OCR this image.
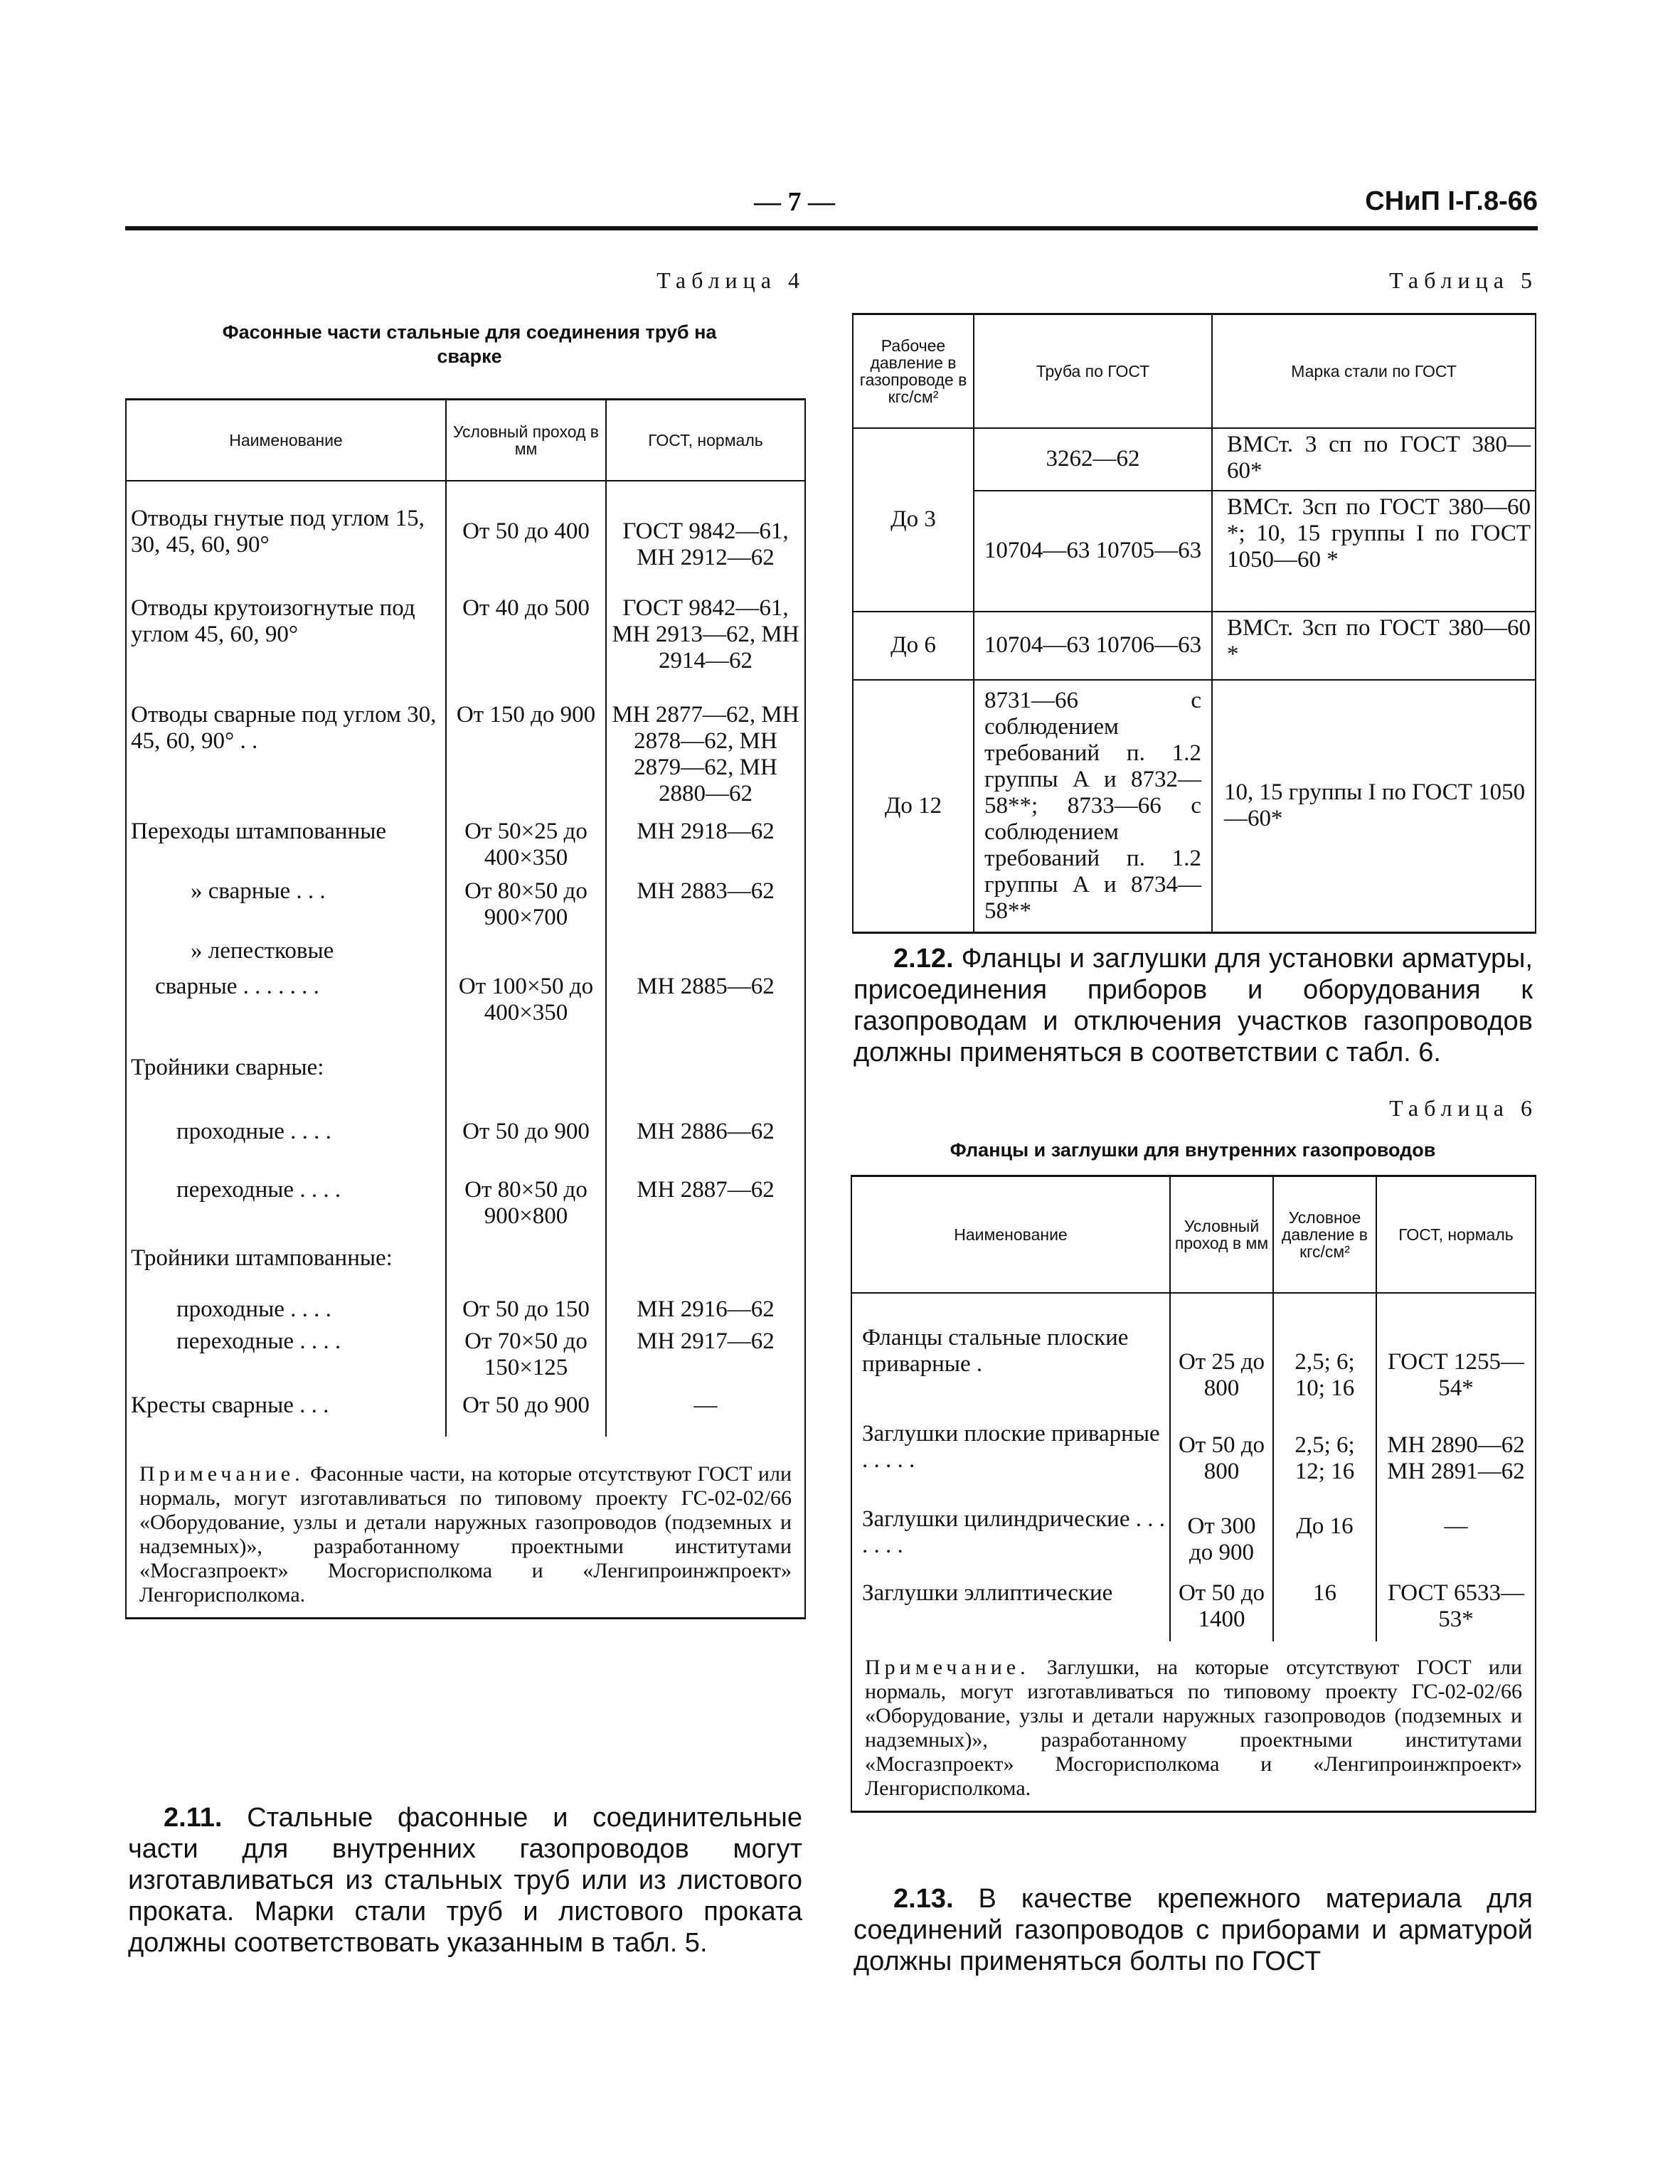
— 7 —	СНиП I-Г.8-66
Таблица 4
Фасонные части стальные для соединения труб на сварке
Наименование	Условный проход в мм	ГОСТ, нормаль
Отводы гнутые под углом 15, 30, 45, 60, 90°	От 50 до 400	ГОСТ 9842—61, МН 2912—62
Отводы крутоизогнутые под углом 45, 60, 90°	От 40 до 500	ГОСТ 9842—61, МН 2913—62, МН 2914—62
Отводы сварные под углом 30, 45, 60, 90° . .	От 150 до 900	МН 2877—62, МН 2878—62, МН 2879—62, МН 2880—62
Переходы штампованные	От 50×25 до 400×350	МН 2918—62
» сварные . . .	От 80×50 до 900×700	МН 2883—62
» лепестковые		
сварные . . . . . . .	От 100×50 до 400×350	МН 2885—62
Тройники сварные:		
проходные . . . .	От 50 до 900	МН 2886—62
переходные . . . .	От 80×50 до 900×800	МН 2887—62
Тройники штампованные:		
проходные . . . .	От 50 до 150	МН 2916—62
переходные . . . .	От 70×50 до 150×125	МН 2917—62
Кресты сварные . . .	От 50 до 900	—
Примечание. Фасонные части, на которые отсутствуют ГОСТ или нормаль, могут изготавливаться по типовому проекту ГС-02-02/66 «Оборудование, узлы и детали наружных газопроводов (подземных и надземных)», разработанному проектными институтами «Мосгазпроект» Мосгорисполкома и «Ленгипроинжпроект» Ленгорисполкома.		
2.11. Стальные фасонные и соединительные части для внутренних газопроводов могут изготавливаться из стальных труб или из листового проката. Марки стали труб и листового проката должны соответствовать указанным в табл. 5.
Таблица 5
Рабочее давление в газопроводе в кгс/см²	Труба по ГОСТ	Марка стали по ГОСТ
До 3	3262—62	ВМСт. 3 сп по ГОСТ 380—60*
	10704—63 10705—63	ВМСт. 3сп по ГОСТ 380—60 *; 10, 15 группы I по ГОСТ 1050—60 *
До 6	10704—63 10706—63	ВМСт. 3сп по ГОСТ 380—60 *
До 12	8731—66 с соблюдением требований п. 1.2 группы А и 8732—58**; 8733—66 с соблюдением требований п. 1.2 группы А и 8734—58**	10, 15 группы I по ГОСТ 1050—60*
2.12. Фланцы и заглушки для установки арматуры, присоединения приборов и оборудования к газопроводам и отключения участков газопроводов должны применяться в соответствии с табл. 6.
Таблица 6
Фланцы и заглушки для внутренних газопроводов
Наименование	Условный проход в мм	Условное давление в кгс/см²	ГОСТ, нормаль
Фланцы стальные плоские приварные .	От 25 до 800	2,5; 6; 10; 16	ГОСТ 1255—54*
Заглушки плоские приварные . . . . .	От 50 до 800	2,5; 6; 12; 16	МН 2890—62 МН 2891—62
Заглушки цилиндрические . . . . . . .	От 300 до 900	До 16	—
Заглушки эллиптические	От 50 до 1400	16	ГОСТ 6533—53*
Примечание. Заглушки, на которые отсутствуют ГОСТ или нормаль, могут изготавливаться по типовому проекту ГС-02-02/66 «Оборудование, узлы и детали наружных газопроводов (подземных и надземных)», разработанному проектными институтами «Мосгазпроект» Мосгорисполкома и «Ленгипроинжпроект» Ленгорисполкома.			
2.13. В качестве крепежного материала для соединений газопроводов с приборами и арматурой должны применяться болты по ГОСТ
